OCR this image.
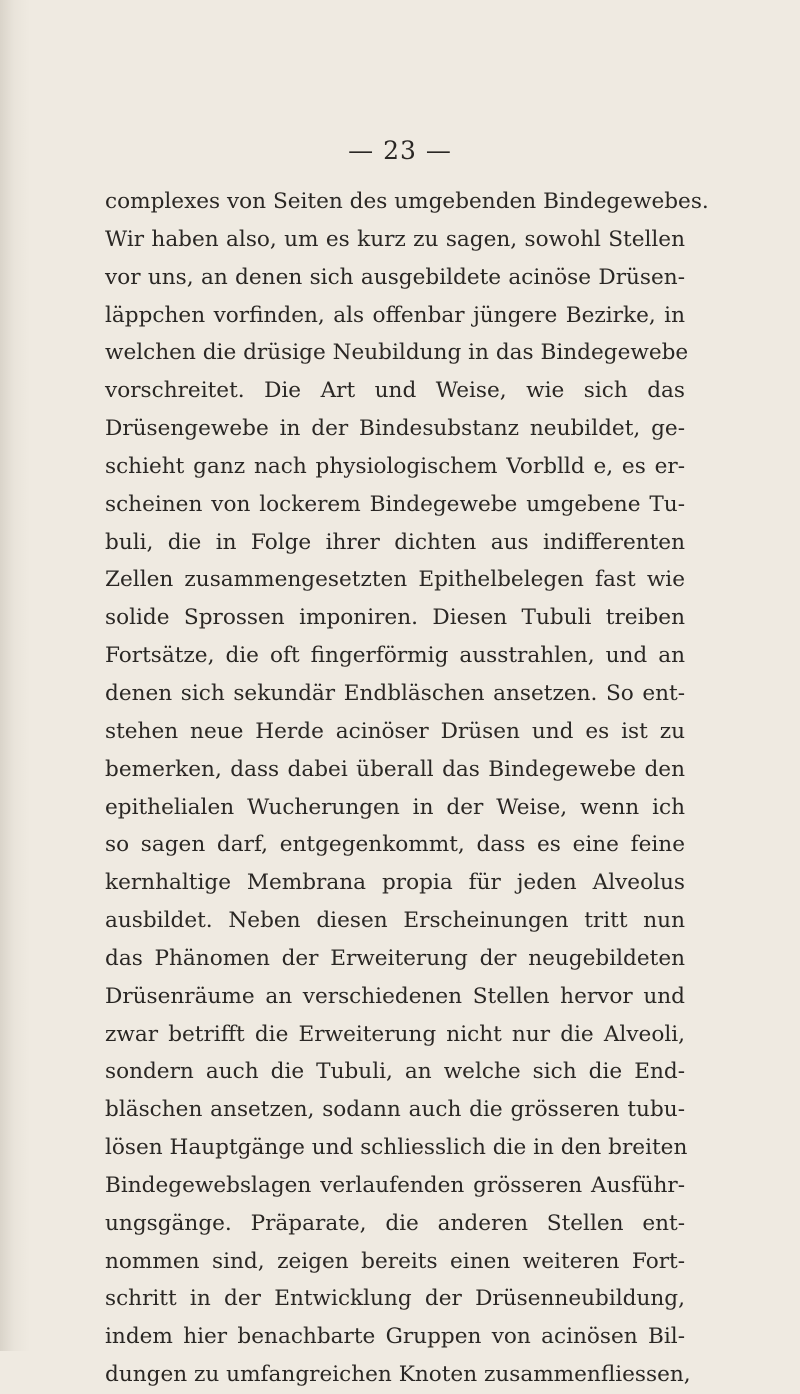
— 23 —
complexes von Seiten des umgebenden Bindegewebes.
Wir haben also, um es kurz zu sagen, sowohl Stellen
vor uns, an denen sich ausgebildete acinöse Drüsen-
läppchen vorfinden, als offenbar jüngere Bezirke, in
welchen die drüsige Neubildung in das Bindegewebe
vorschreitet. Die Art und Weise, wie sich das
Drüsengewebe in der Bindesubstanz neubildet, ge-
schieht ganz nach physiologischem Vorblld e, es er-
scheinen von lockerem Bindegewebe umgebene Tu-
buli, die in Folge ihrer dichten aus indifferenten
Zellen zusammengesetzten Epithelbelegen fast wie
solide Sprossen imponiren. Diesen Tubuli treiben
Fortsätze, die oft fingerförmig ausstrahlen, und an
denen sich sekundär Endbläschen ansetzen. So ent-
stehen neue Herde acinöser Drüsen und es ist zu
bemerken, dass dabei überall das Bindegewebe den
epithelialen Wucherungen in der Weise, wenn ich
so sagen darf, entgegenkommt, dass es eine feine
kernhaltige Membrana propia für jeden Alveolus
ausbildet. Neben diesen Erscheinungen tritt nun
das Phänomen der Erweiterung der neugebildeten
Drüsenräume an verschiedenen Stellen hervor und
zwar betrifft die Erweiterung nicht nur die Alveoli,
sondern auch die Tubuli, an welche sich die End-
bläschen ansetzen, sodann auch die grösseren tubu-
lösen Hauptgänge und schliesslich die in den breiten
Bindegewebslagen verlaufenden grösseren Ausführ-
ungsgänge. Präparate, die anderen Stellen ent-
nommen sind, zeigen bereits einen weiteren Fort-
schritt in der Entwicklung der Drüsenneubildung,
indem hier benachbarte Gruppen von acinösen Bil-
dungen zu umfangreichen Knoten zusammenfliessen,
